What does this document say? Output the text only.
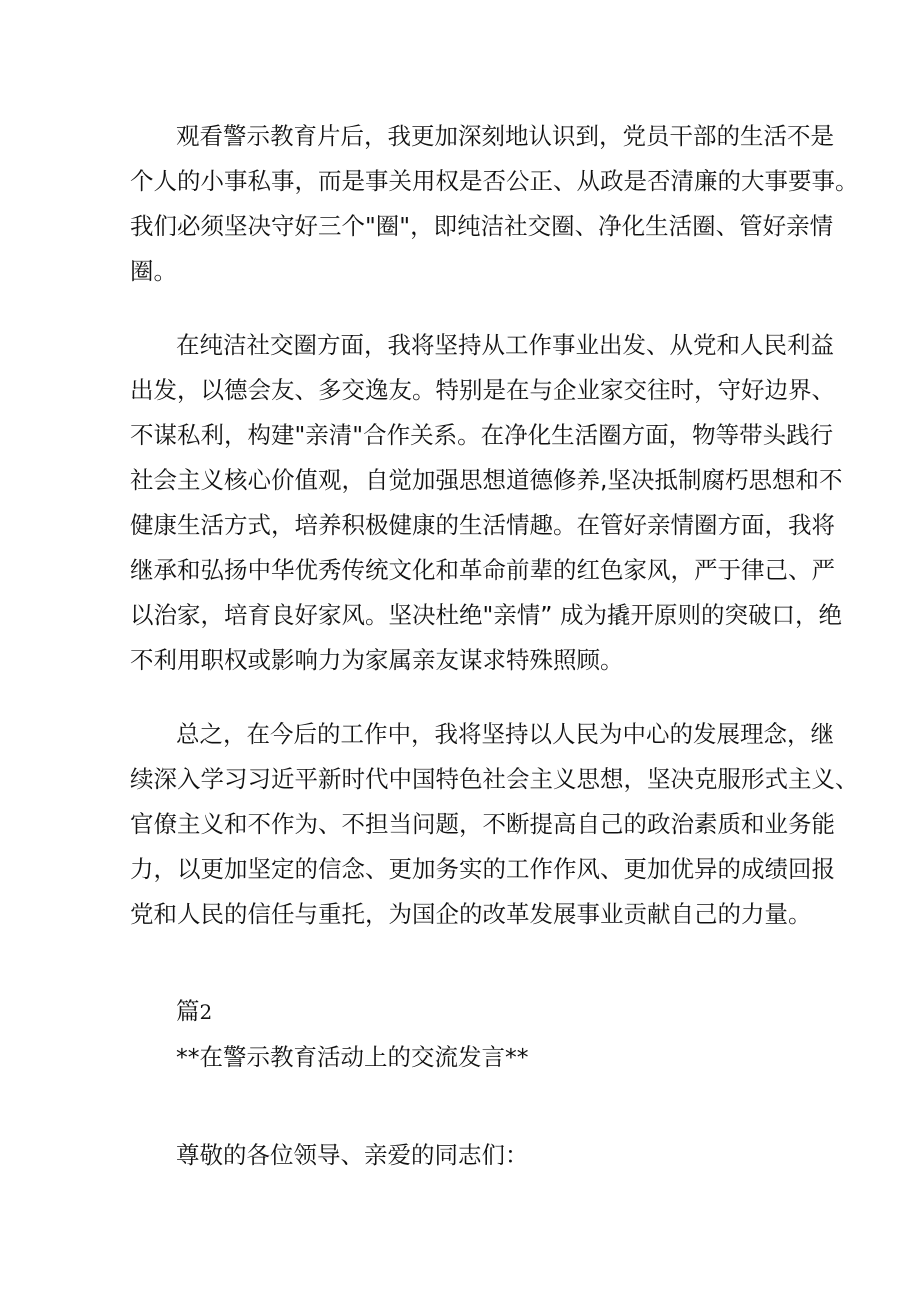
观看警示教育片后，我更加深刻地认识到，党员干部的生活不是
个人的小事私事，而是事关用权是否公正、从政是否清廉的大事要事。
我们必须坚决守好三个"圈"，即纯洁社交圈、净化生活圈、管好亲情
圈。

在纯洁社交圈方面，我将坚持从工作事业出发、从党和人民利益
出发，以德会友、多交逸友。特别是在与企业家交往时，守好边界、
不谋私利，构建"亲清"合作关系。在净化生活圈方面，物等带头践行
社会主义核心价值观，自觉加强思想道德修养,坚决抵制腐朽思想和不
健康生活方式，培养积极健康的生活情趣。在管好亲情圈方面，我将
继承和弘扬中华优秀传统文化和革命前辈的红色家风，严于律己、严
以治家，培育良好家风。坚决杜绝"亲情” 成为撬开原则的突破口，绝
不利用职权或影响力为家属亲友谋求特殊照顾。

总之，在今后的工作中，我将坚持以人民为中心的发展理念，继
续深入学习习近平新时代中国特色社会主义思想，坚决克服形式主义、
官僚主义和不作为、不担当问题，不断提高自己的政治素质和业务能
力，以更加坚定的信念、更加务实的工作作风、更加优异的成绩回报
党和人民的信任与重托，为国企的改革发展事业贡献自己的力量。

篇2

**在警示教育活动上的交流发言**

尊敬的各位领导、亲爱的同志们：
